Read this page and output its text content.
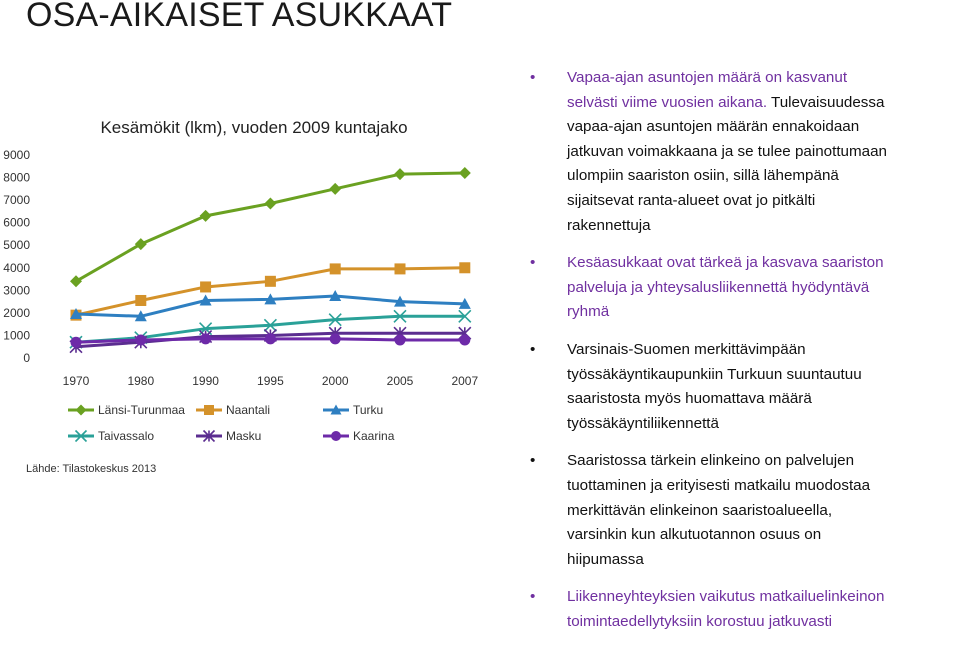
OSA-AIKAISET ASUKKAAT
Kesämökit (lkm), vuoden 2009 kuntajako
0
1000
2000
3000
4000
5000
6000
7000
8000
9000
1970	1980	1990	1995	2000	2005	2007
Länsi-Turunmaa	Naantali	Turku
Taivassalo	Masku	Kaarina
Lähde: Tilastokeskus 2013
• Vapaa-ajan asuntojen määrä on kasvanut
selvästi viime vuosien aikana. Tulevaisuudessa
vapaa-ajan asuntojen määrän ennakoidaan
jatkuvan voimakkaana ja se tulee painottumaan
ulompiin saariston osiin, sillä lähempänä
sijaitsevat ranta-alueet ovat jo pitkälti
rakennettuja
• Kesäasukkaat ovat tärkeä ja kasvava saariston
palveluja ja yhteysalusliikennettä hyödyntävä
ryhmä
• Varsinais-Suomen merkittävimpään
työssäkäyntikaupunkiin Turkuun suuntautuu
saaristosta myös huomattava määrä
työssäkäyntiliikennettä
• Saaristossa tärkein elinkeino on palvelujen
tuottaminen ja erityisesti matkailu muodostaa
merkittävän elinkeinon saaristoalueella,
varsinkin kun alkutuotannon osuus on
hiipumassa
• Liikenneyhteyksien vaikutus matkailuelinkeinon
toimintaedellytyksiin korostuu jatkuvasti
